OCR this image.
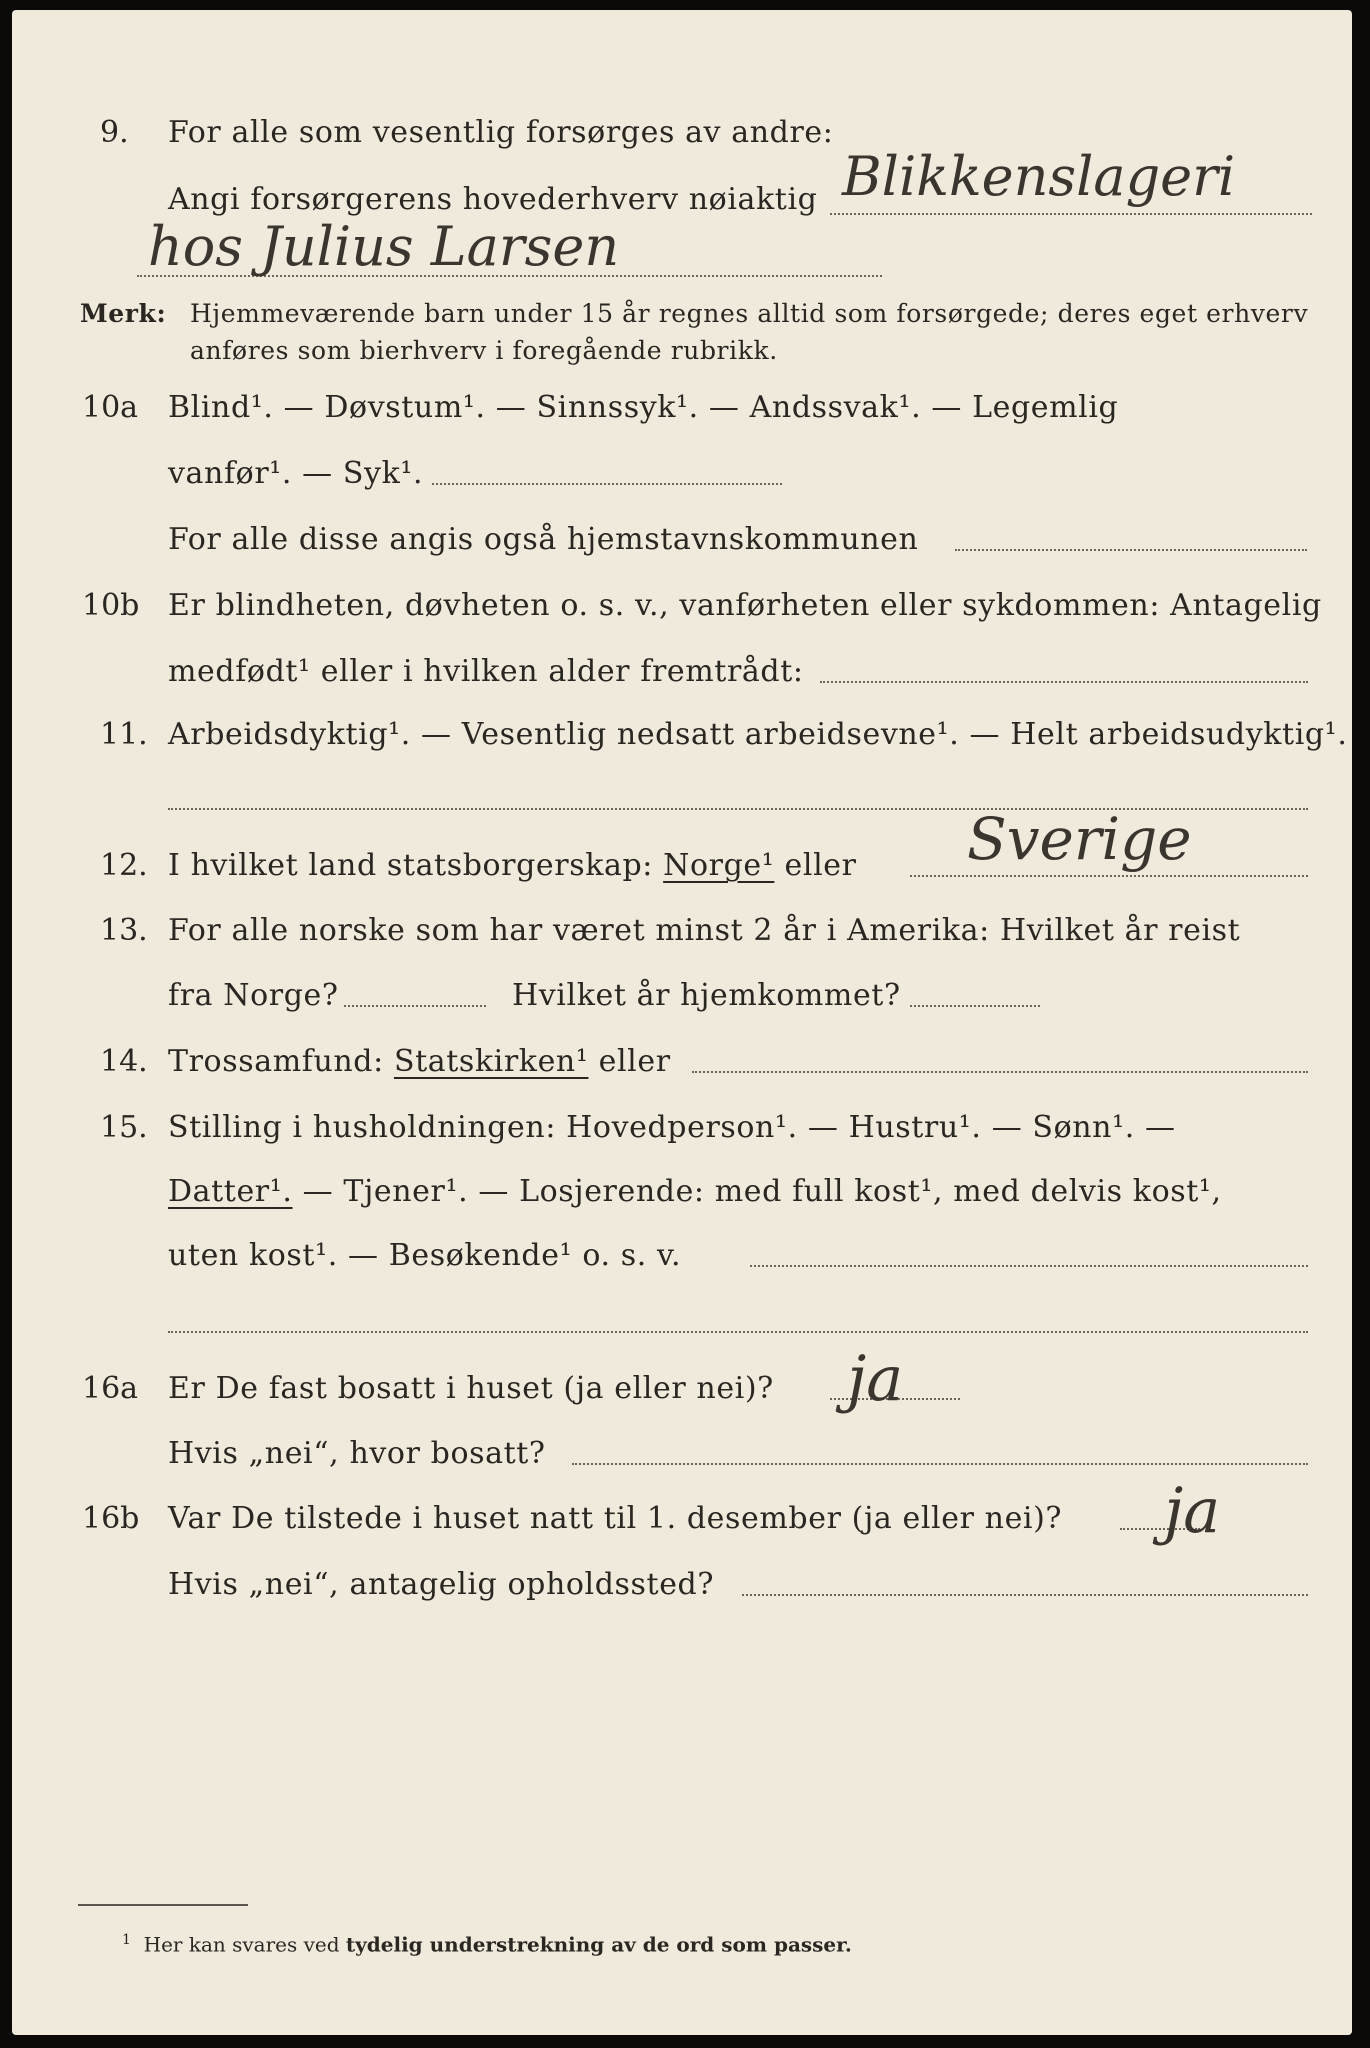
9. For alle som vesentlig forsørges av andre:
Angi forsørgerens hovederhverv nøiaktig Blikkenslageri
hos Julius Larsen
Merk: Hjemmeværende barn under 15 år regnes alltid som forsørgede; deres eget erhverv
anføres som bierhverv i foregående rubrikk.
10a Blind¹. — Døvstum¹. — Sinnssyk¹. — Andssvak¹. — Legemlig
vanfør¹. — Syk¹.
For alle disse angis også hjemstavnskommunen
10b Er blindheten, døvheten o. s. v., vanførheten eller sykdommen: Antagelig
medfødt¹ eller i hvilken alder fremtrådt:
11. Arbeidsdyktig¹. — Vesentlig nedsatt arbeidsevne¹. — Helt arbeidsudyktig¹.
12. I hvilket land statsborgerskap: Norge¹ eller Sverige
13. For alle norske som har været minst 2 år i Amerika: Hvilket år reist
fra Norge?	Hvilket år hjemkommet?
14. Trossamfund: Statskirken¹ eller
15. Stilling i husholdningen: Hovedperson¹. — Hustru¹. — Sønn¹. —
Datter¹. — Tjener¹. — Losjerende: med full kost¹, med delvis kost¹,
uten kost¹. — Besøkende¹ o. s. v.
16a Er De fast bosatt i huset (ja eller nei)? ja
Hvis „nei“, hvor bosatt?
16b Var De tilstede i huset natt til 1. desember (ja eller nei)? ja
Hvis „nei“, antagelig opholdssted?
$^1$ Her kan svares ved tydelig understrekning av de ord som passer.
